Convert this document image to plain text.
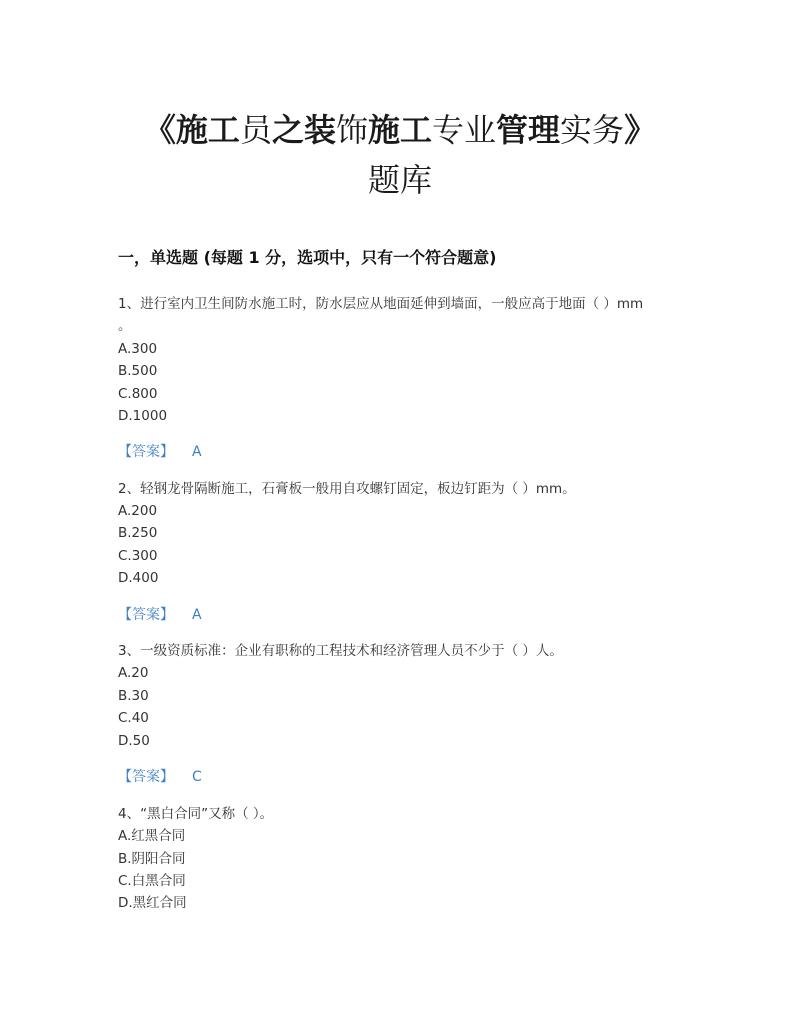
《施工员之装饰施工专业管理实务》
题库
一，单选题 (每题 1 分，选项中，只有一个符合题意)
1、进行室内卫生间防水施工时，防水层应从地面延伸到墙面，一般应高于地面（ ）mm
。
A.300
B.500
C.800
D.1000
【答案】 A
2、轻钢龙骨隔断施工，石膏板一般用自攻螺钉固定，板边钉距为（ ）mm。
A.200
B.250
C.300
D.400
【答案】 A
3、一级资质标准：企业有职称的工程技术和经济管理人员不少于（ ）人。
A.20
B.30
C.40
D.50
【答案】 C
4、“黑白合同”又称（ ）。
A.红黑合同
B.阴阳合同
C.白黑合同
D.黑红合同
